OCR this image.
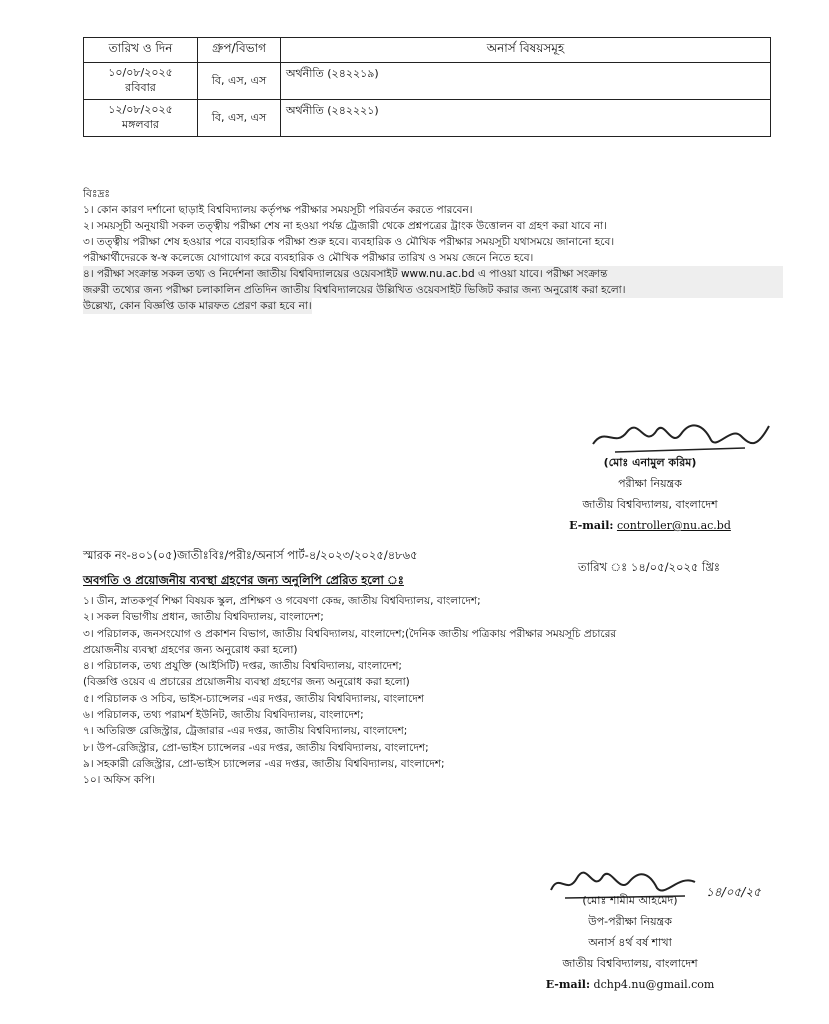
তারিখ ও দিন	গ্রুপ/বিভাগ	অনার্স বিষয়সমূহ
১০/০৮/২০২৫
রবিবার	বি, এস, এস	অর্থনীতি (২৪২২১৯)
১২/০৮/২০২৫
মঙ্গলবার	বি, এস, এস	অর্থনীতি (২৪২২২১)

বিঃদ্রঃ

১। কোন কারণ দর্শানো ছাড়াই বিশ্ববিদ্যালয় কর্তৃপক্ষ পরীক্ষার সময়সূচী পরিবর্তন করতে পারবেন।

২। সময়সূচী অনুযায়ী সকল তত্ত্বীয় পরীক্ষা শেষ না হওয়া পর্যন্ত ট্রেজারী থেকে প্রশ্নপত্রের ট্রাংক উত্তোলন বা গ্রহণ করা যাবে না।

৩। তত্ত্বীয় পরীক্ষা শেষ হওয়ার পরে ব্যবহারিক পরীক্ষা শুরু হবে। ব্যবহারিক ও মৌখিক পরীক্ষার সময়সূচী যথাসময়ে জানানো হবে।

পরীক্ষার্থীদেরকে স্ব-স্ব কলেজে যোগাযোগ করে ব্যবহারিক ও মৌখিক পরীক্ষার তারিখ ও সময় জেনে নিতে হবে।

৪। পরীক্ষা সংক্রান্ত সকল তথ্য ও নির্দেশনা জাতীয় বিশ্ববিদ্যালয়ের ওয়েবসাইট www.nu.ac.bd এ পাওয়া যাবে। পরীক্ষা সংক্রান্ত

জরুরী তথ্যের জন্য পরীক্ষা চলাকালিন প্রতিদিন জাতীয় বিশ্ববিদ্যালয়ের উল্লিখিত ওয়েবসাইট ভিজিট করার জন্য অনুরোধ করা হলো।

উল্লেখ্য, কোন বিজ্ঞপ্তি ডাক মারফত প্রেরণ করা হবে না।

(মোঃ এনামুল করিম)
পরীক্ষা নিয়ন্ত্রক
জাতীয় বিশ্ববিদ্যালয়, বাংলাদেশ
E-mail: controller@nu.ac.bd
স্মারক নং-৪০১(০৫)জাতীঃবিঃ/পরীঃ/অনার্স পার্ট-৪/২০২৩/২০২৫/৪৮৬৫
তারিখ ঃ ১৪/০৫/২০২৫ খ্রিঃ
অবগতি ও প্রয়োজনীয় ব্যবস্থা গ্রহণের জন্য অনুলিপি প্রেরিত হলো ঃ

১। ডীন, স্নাতকপূর্ব শিক্ষা বিষয়ক স্কুল, প্রশিক্ষণ ও গবেষণা কেন্দ্র, জাতীয় বিশ্ববিদ্যালয়, বাংলাদেশ;

২। সকল বিভাগীয় প্রধান, জাতীয় বিশ্ববিদ্যালয়, বাংলাদেশ;

৩। পরিচালক, জনসংযোগ ও প্রকাশন বিভাগ, জাতীয় বিশ্ববিদ্যালয়, বাংলাদেশ;(দৈনিক জাতীয় পত্রিকায় পরীক্ষার সময়সূচি প্রচারের

প্রয়োজনীয় ব্যবস্থা গ্রহণের জন্য অনুরোধ করা হলো)

৪। পরিচালক, তথ্য প্রযুক্তি (আইসিটি) দপ্তর, জাতীয় বিশ্ববিদ্যালয়, বাংলাদেশ;

(বিজ্ঞপ্তি ওয়েব এ প্রচারের প্রয়োজনীয় ব্যবস্থা গ্রহণের জন্য অনুরোধ করা হলো)

৫। পরিচালক ও সচিব, ভাইস-চ্যান্সেলর -এর দপ্তর, জাতীয় বিশ্ববিদ্যালয়, বাংলাদেশ

৬। পরিচালক, তথ্য পরামর্শ ইউনিট, জাতীয় বিশ্ববিদ্যালয়, বাংলাদেশ;

৭। অতিরিক্ত রেজিস্ট্রার, ট্রেজারার -এর দপ্তর, জাতীয় বিশ্ববিদ্যালয়, বাংলাদেশ;

৮। উপ-রেজিস্ট্রার, প্রো-ভাইস চ্যান্সেলর -এর দপ্তর, জাতীয় বিশ্ববিদ্যালয়, বাংলাদেশ;

৯। সহকারী রেজিস্ট্রার, প্রো-ভাইস চ্যান্সেলর -এর দপ্তর, জাতীয় বিশ্ববিদ্যালয়, বাংলাদেশ;

১০। অফিস কপি।

১৪/০৫/২৫
(মোঃ শামীম আহমেদ)
উপ-পরীক্ষা নিয়ন্ত্রক
অনার্স ৪র্থ বর্ষ শাখা
জাতীয় বিশ্ববিদ্যালয়, বাংলাদেশ
E-mail: dchp4.nu@gmail.com
